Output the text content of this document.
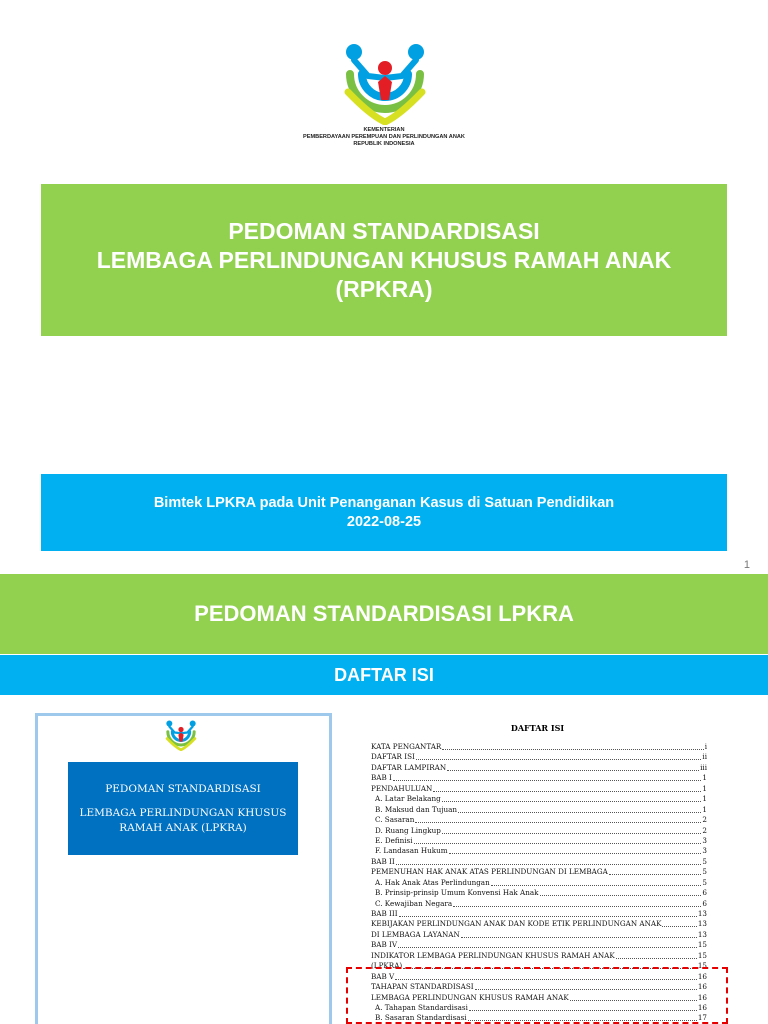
KEMENTERIAN
PEMBERDAYAAN PEREMPUAN DAN PERLINDUNGAN ANAK
REPUBLIK INDONESIA
PEDOMAN STANDARDISASI
LEMBAGA PERLINDUNGAN KHUSUS RAMAH ANAK
(RPKRA)
Bimtek LPKRA pada Unit Penanganan Kasus di Satuan Pendidikan
2022-08-25
1
PEDOMAN STANDARDISASI LPKRA
DAFTAR ISI
PEDOMAN STANDARDISASI
LEMBAGA PERLINDUNGAN KHUSUS RAMAH ANAK (LPKRA)
DAFTAR ISI
KATA PENGANTAR	i
DAFTAR ISI	ii
DAFTAR LAMPIRAN	iii
BAB I	1
PENDAHULUAN	1
A. Latar Belakang	1
B. Maksud dan Tujuan	1
C. Sasaran	2
D. Ruang Lingkup	2
E. Definisi	3
F. Landasan Hukum	3
BAB II	5
PEMENUHAN HAK ANAK ATAS PERLINDUNGAN DI LEMBAGA	5
A. Hak Anak Atas Perlindungan	5
B. Prinsip-prinsip Umum Konvensi Hak Anak	6
C. Kewajiban Negara	6
BAB III	13
KEBIJAKAN PERLINDUNGAN ANAK DAN KODE ETIK PERLINDUNGAN ANAK	13
DI LEMBAGA LAYANAN	13
BAB IV	15
INDIKATOR LEMBAGA PERLINDUNGAN KHUSUS RAMAH ANAK	15
(LPKRA)	15
BAB V	16
TAHAPAN STANDARDISASI	16
LEMBAGA PERLINDUNGAN KHUSUS RAMAH ANAK	16
A. Tahapan Standardisasi	16
B. Sasaran Standardisasi	17
